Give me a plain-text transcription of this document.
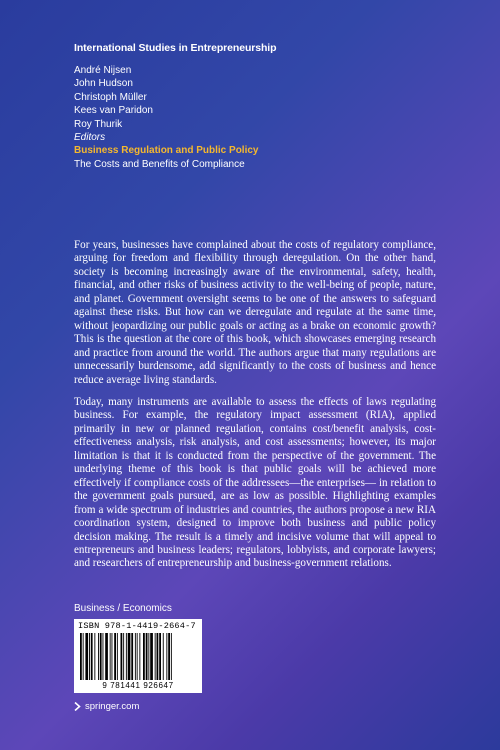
International Studies in Entrepreneurship
André Nijsen
John Hudson
Christoph Müller
Kees van Paridon
Roy Thurik
Editors
Business Regulation and Public Policy
The Costs and Benefits of Compliance

For years, businesses have complained about the costs of regulatory compliance, arguing for freedom and flexibility through deregulation. On the other hand, society is becoming increasingly aware of the environmental, safety, health, financial, and other risks of business activity to the well-being of people, nature, and planet. Government oversight seems to be one of the answers to safeguard against these risks. But how can we deregulate and regulate at the same time, without jeopardizing our public goals or acting as a brake on economic growth? This is the question at the core of this book, which showcases emerging research and practice from around the world. The authors argue that many regulations are unnecessarily burdensome, add significantly to the costs of business and hence reduce average living standards.

Today, many instruments are available to assess the effects of laws regulating business. For example, the regulatory impact assessment (RIA), applied primarily in new or planned regulation, contains cost/benefit analysis, cost-effectiveness analysis, risk analysis, and cost assessments; however, its major limitation is that it is conducted from the perspective of the government. The underlying theme of this book is that public goals will be achieved more effectively if compliance costs of the addressees—the enterprises— in relation to the government goals pursued, are as low as possible. Highlighting examples from a wide spectrum of industries and countries, the authors propose a new RIA coordination system, designed to improve both business and public policy decision making. The result is a timely and incisive volume that will appeal to entrepreneurs and business leaders; regulators, lobbyists, and corporate lawyers; and researchers of entrepreneurship and business-government relations.

Business / Economics
ISBN 978-1-4419-2664-7
9 781441 926647
springer.com
